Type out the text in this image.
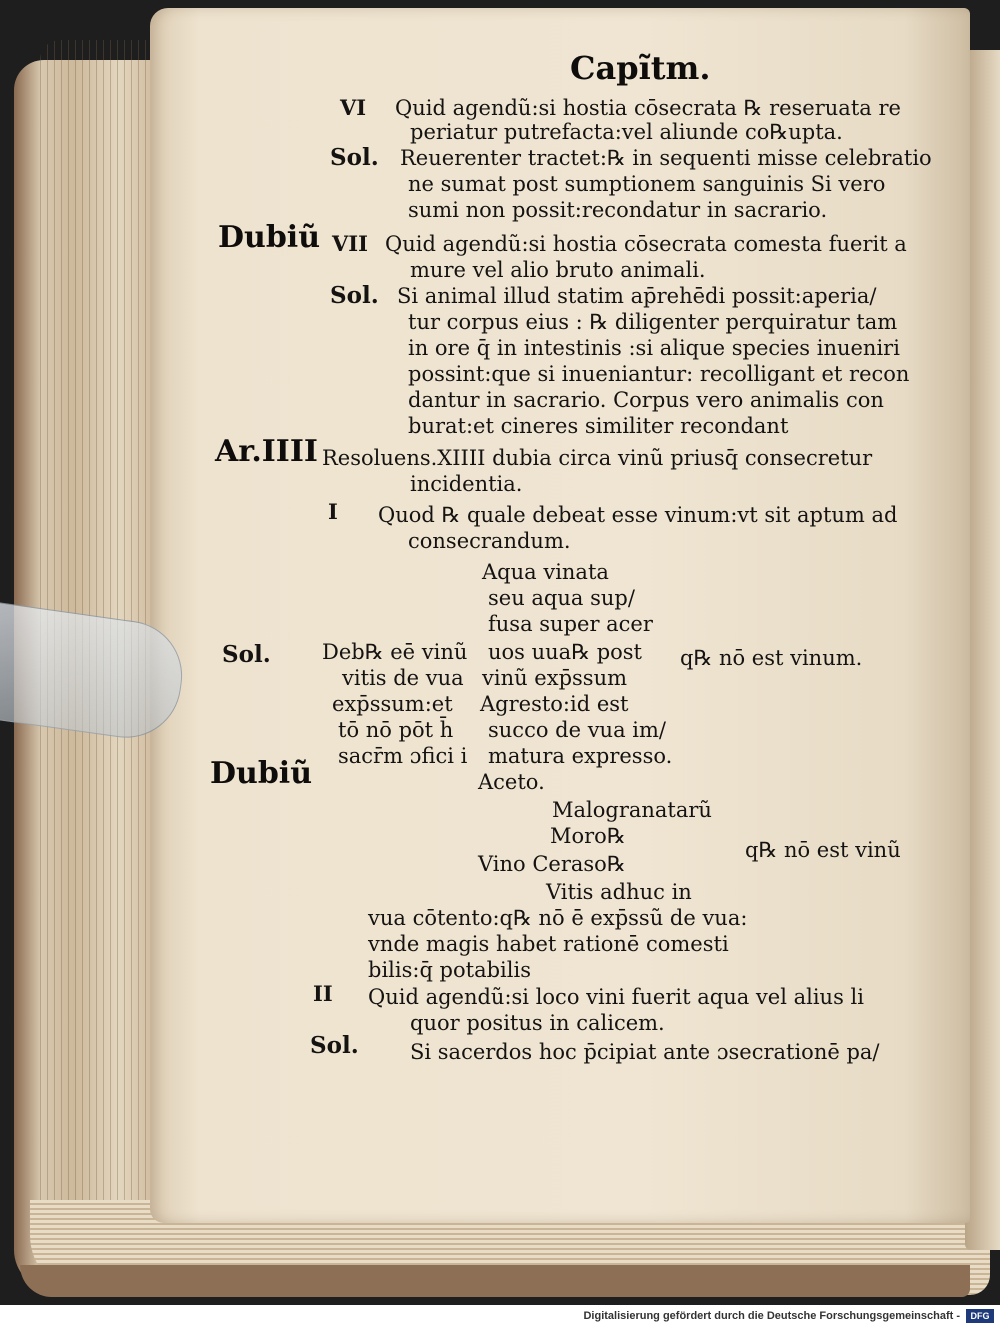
Capĩtm.
VI Quid agendũ:si hostia cōsecrata ℞ reseruata re
periatur putrefacta:vel aliunde co℞upta.
Sol. Reuerenter tractet:℞ in sequenti misse celebratio
ne sumat post sumptionem sanguinis Si vero
sumi non possit:recondatur in sacrario.
Dubiũ VII Quid agendũ:si hostia cōsecrata comesta fuerit a
mure vel alio bruto animali.
Sol. Si animal illud statim ap̄rehēdi possit:aperia/
tur corpus eius : ℞ diligenter perquiratur tam
in ore q̄ in intestinis :si alique species inueniri
possint:que si inueniantur: recolligant et recon
dantur in sacrario. Corpus vero animalis con
burat:et cineres similiter recondant
Ar.IIII Resoluens.XIIII dubia circa vinũ priusq̄ consecretur
incidentia.
I Quod ℞ quale debeat esse vinum:vt sit aptum ad
consecrandum.
Aqua vinata
seu aqua sup/
fusa super acer
Sol. Deb℞ eē vinũ uos uua℞ post q℞ nō est vinum.
vitis de vua vinũ exp̄ssum
exp̄ssum:et Agresto:id est
tō nō pōt h̄ succo de vua im/
sacr̄m ɔfici i matura expresso.
Dubiũ	Aceto.
Malogranatarũ
Moro℞
q℞ nō est vinũ
Vino Ceraso℞
Vitis adhuc in
vua cōtento:q℞ nō ē exp̄ssũ de vua:
vnde magis habet rationē comesti
bilis:q̄ potabilis
II Quid agendũ:si loco vini fuerit aqua vel alius li
quor positus in calicem.
Sol. Si sacerdos hoc p̄cipiat ante ɔsecrationē pa/
Digitalisierung gefördert durch die Deutsche Forschungsgemeinschaft -	DFG
